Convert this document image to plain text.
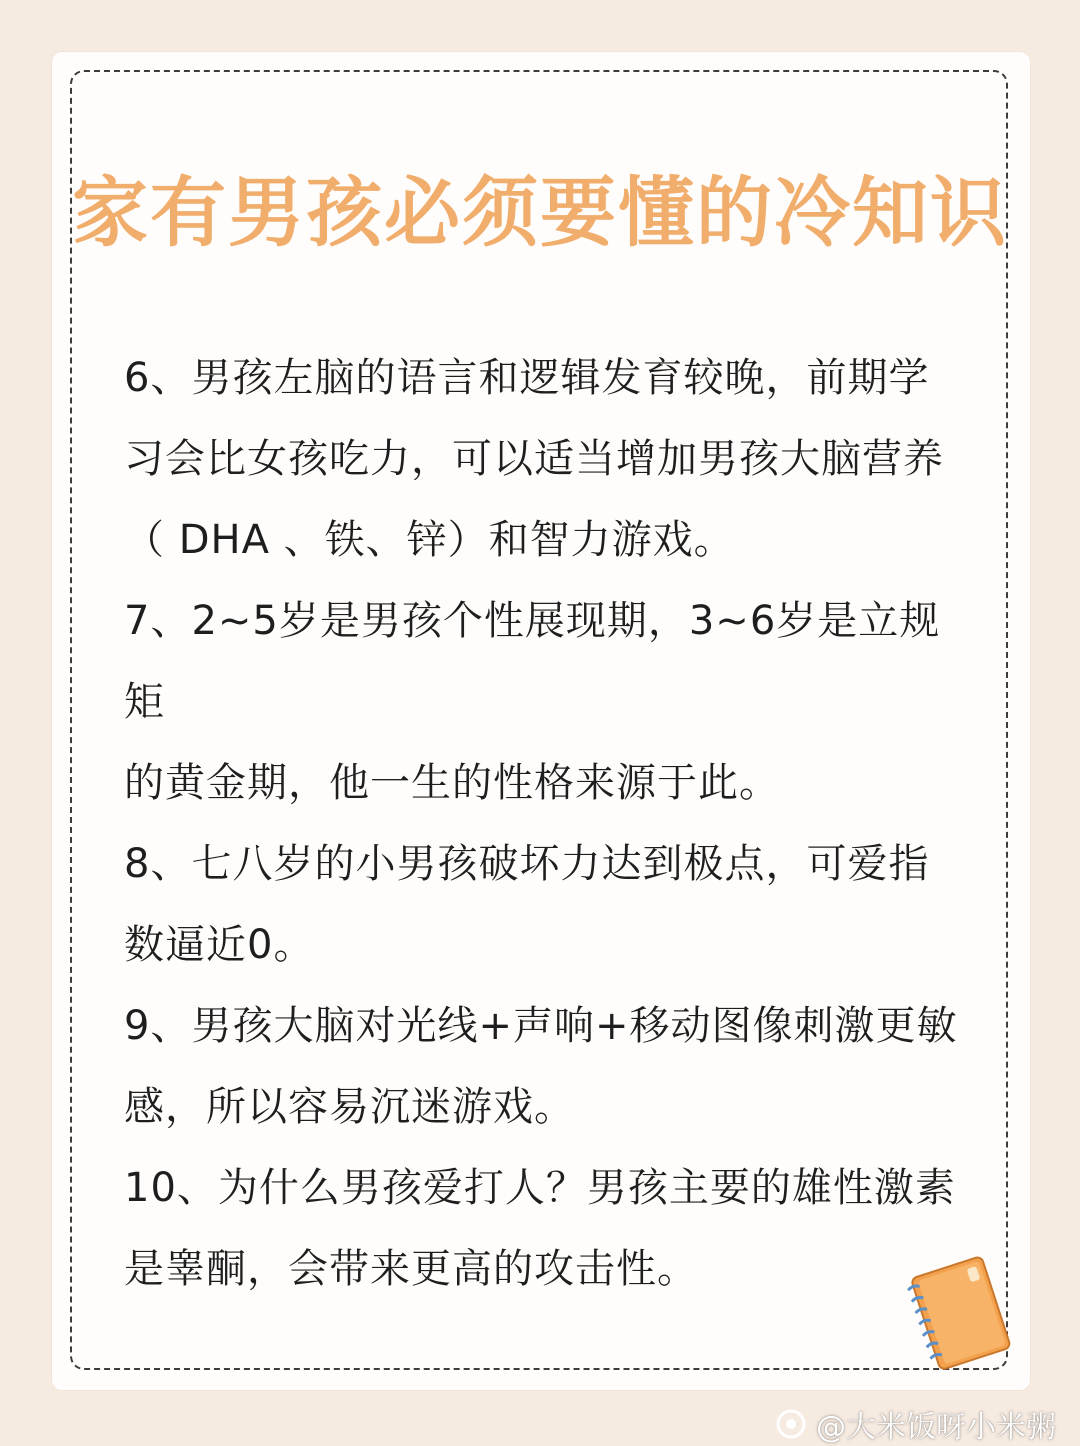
家有男孩必须要懂的冷知识

6、男孩左脑的语言和逻辑发育较晚，前期学
习会比女孩吃力，可以适当增加男孩大脑营养
（ DHA 、铁、锌）和智力游戏。

7、2~5岁是男孩个性展现期，3~6岁是立规矩
的黄金期，他一生的性格来源于此。

8、七八岁的小男孩破坏力达到极点，可爱指
数逼近0。

9、男孩大脑对光线+声响+移动图像刺激更敏
感，所以容易沉迷游戏。

10、为什么男孩爱打人？男孩主要的雄性激素
是睾酮，会带来更高的攻击性。

@大米饭呀小米粥
